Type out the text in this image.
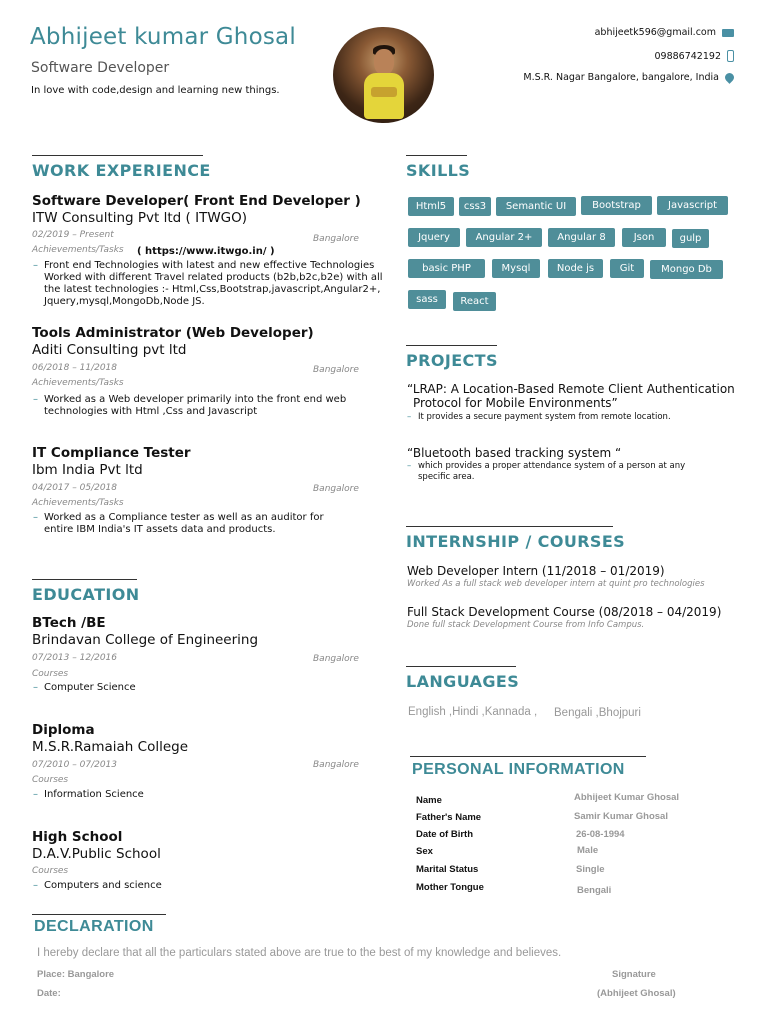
Abhijeet kumar Ghosal
Software Developer
In love with code,design and learning new things.
abhijeetk596@gmail.com
09886742192
M.S.R. Nagar Bangalore, bangalore, India
WORK EXPERIENCE
Software Developer( Front End Developer )
ITW Consulting Pvt ltd ( ITWGO)
02/2019 – Present	Bangalore
Achievements/Tasks ( https://www.itwgo.in/ )
– Front end Technologies with latest and new effective Technologies Worked with different Travel related products (b2b,b2c,b2e) with all the latest technologies :- Html,Css,Bootstrap,javascript,Angular2+, Jquery,mysql,MongoDb,Node JS.
Tools Administrator (Web Developer)
Aditi Consulting pvt ltd
06/2018 – 11/2018	Bangalore
Achievements/Tasks
– Worked as a Web developer primarily into the front end web technologies with Html ,Css and Javascript
IT Compliance Tester
Ibm India Pvt ltd
04/2017 – 05/2018	Bangalore
Achievements/Tasks
– Worked as a Compliance tester as well as an auditor for entire IBM India's IT assets data and products.
EDUCATION
BTech /BE
Brindavan College of Engineering
07/2013 – 12/2016	Bangalore
Courses
– Computer Science
Diploma
M.S.R.Ramaiah College
07/2010 – 07/2013	Bangalore
Courses
– Information Science
High School
D.A.V.Public School
Courses
– Computers and science
SKILLS
Html5	css3	Semantic UI	Bootstrap	Javascript
Jquery	Angular 2+	Angular 8	Json	gulp
basic PHP	Mysql	Node js	Git	Mongo Db
sass	React
PROJECTS
“LRAP: A Location-Based Remote Client Authentication
Protocol for Mobile Environments”
– It provides a secure payment system from remote location.
“Bluetooth based tracking system “
– which provides a proper attendance system of a person at any specific area.
INTERNSHIP / COURSES
Web Developer Intern (11/2018 – 01/2019)
Worked As a full stack web developer intern at quint pro technologies
Full Stack Development Course (08/2018 – 04/2019)
Done full stack Development Course from Info Campus.
LANGUAGES
English ,Hindi ,Kannada , Bengali ,Bhojpuri
PERSONAL INFORMATION
Name	Abhijeet Kumar Ghosal
Father's Name	Samir Kumar Ghosal
Date of Birth	26-08-1994
Sex	Male
Marital Status	Single
Mother Tongue	Bengali
DECLARATION
I hereby declare that all the particulars stated above are true to the best of my knowledge and believes.
Place: Bangalore
Date:
Signature
(Abhijeet Ghosal)
